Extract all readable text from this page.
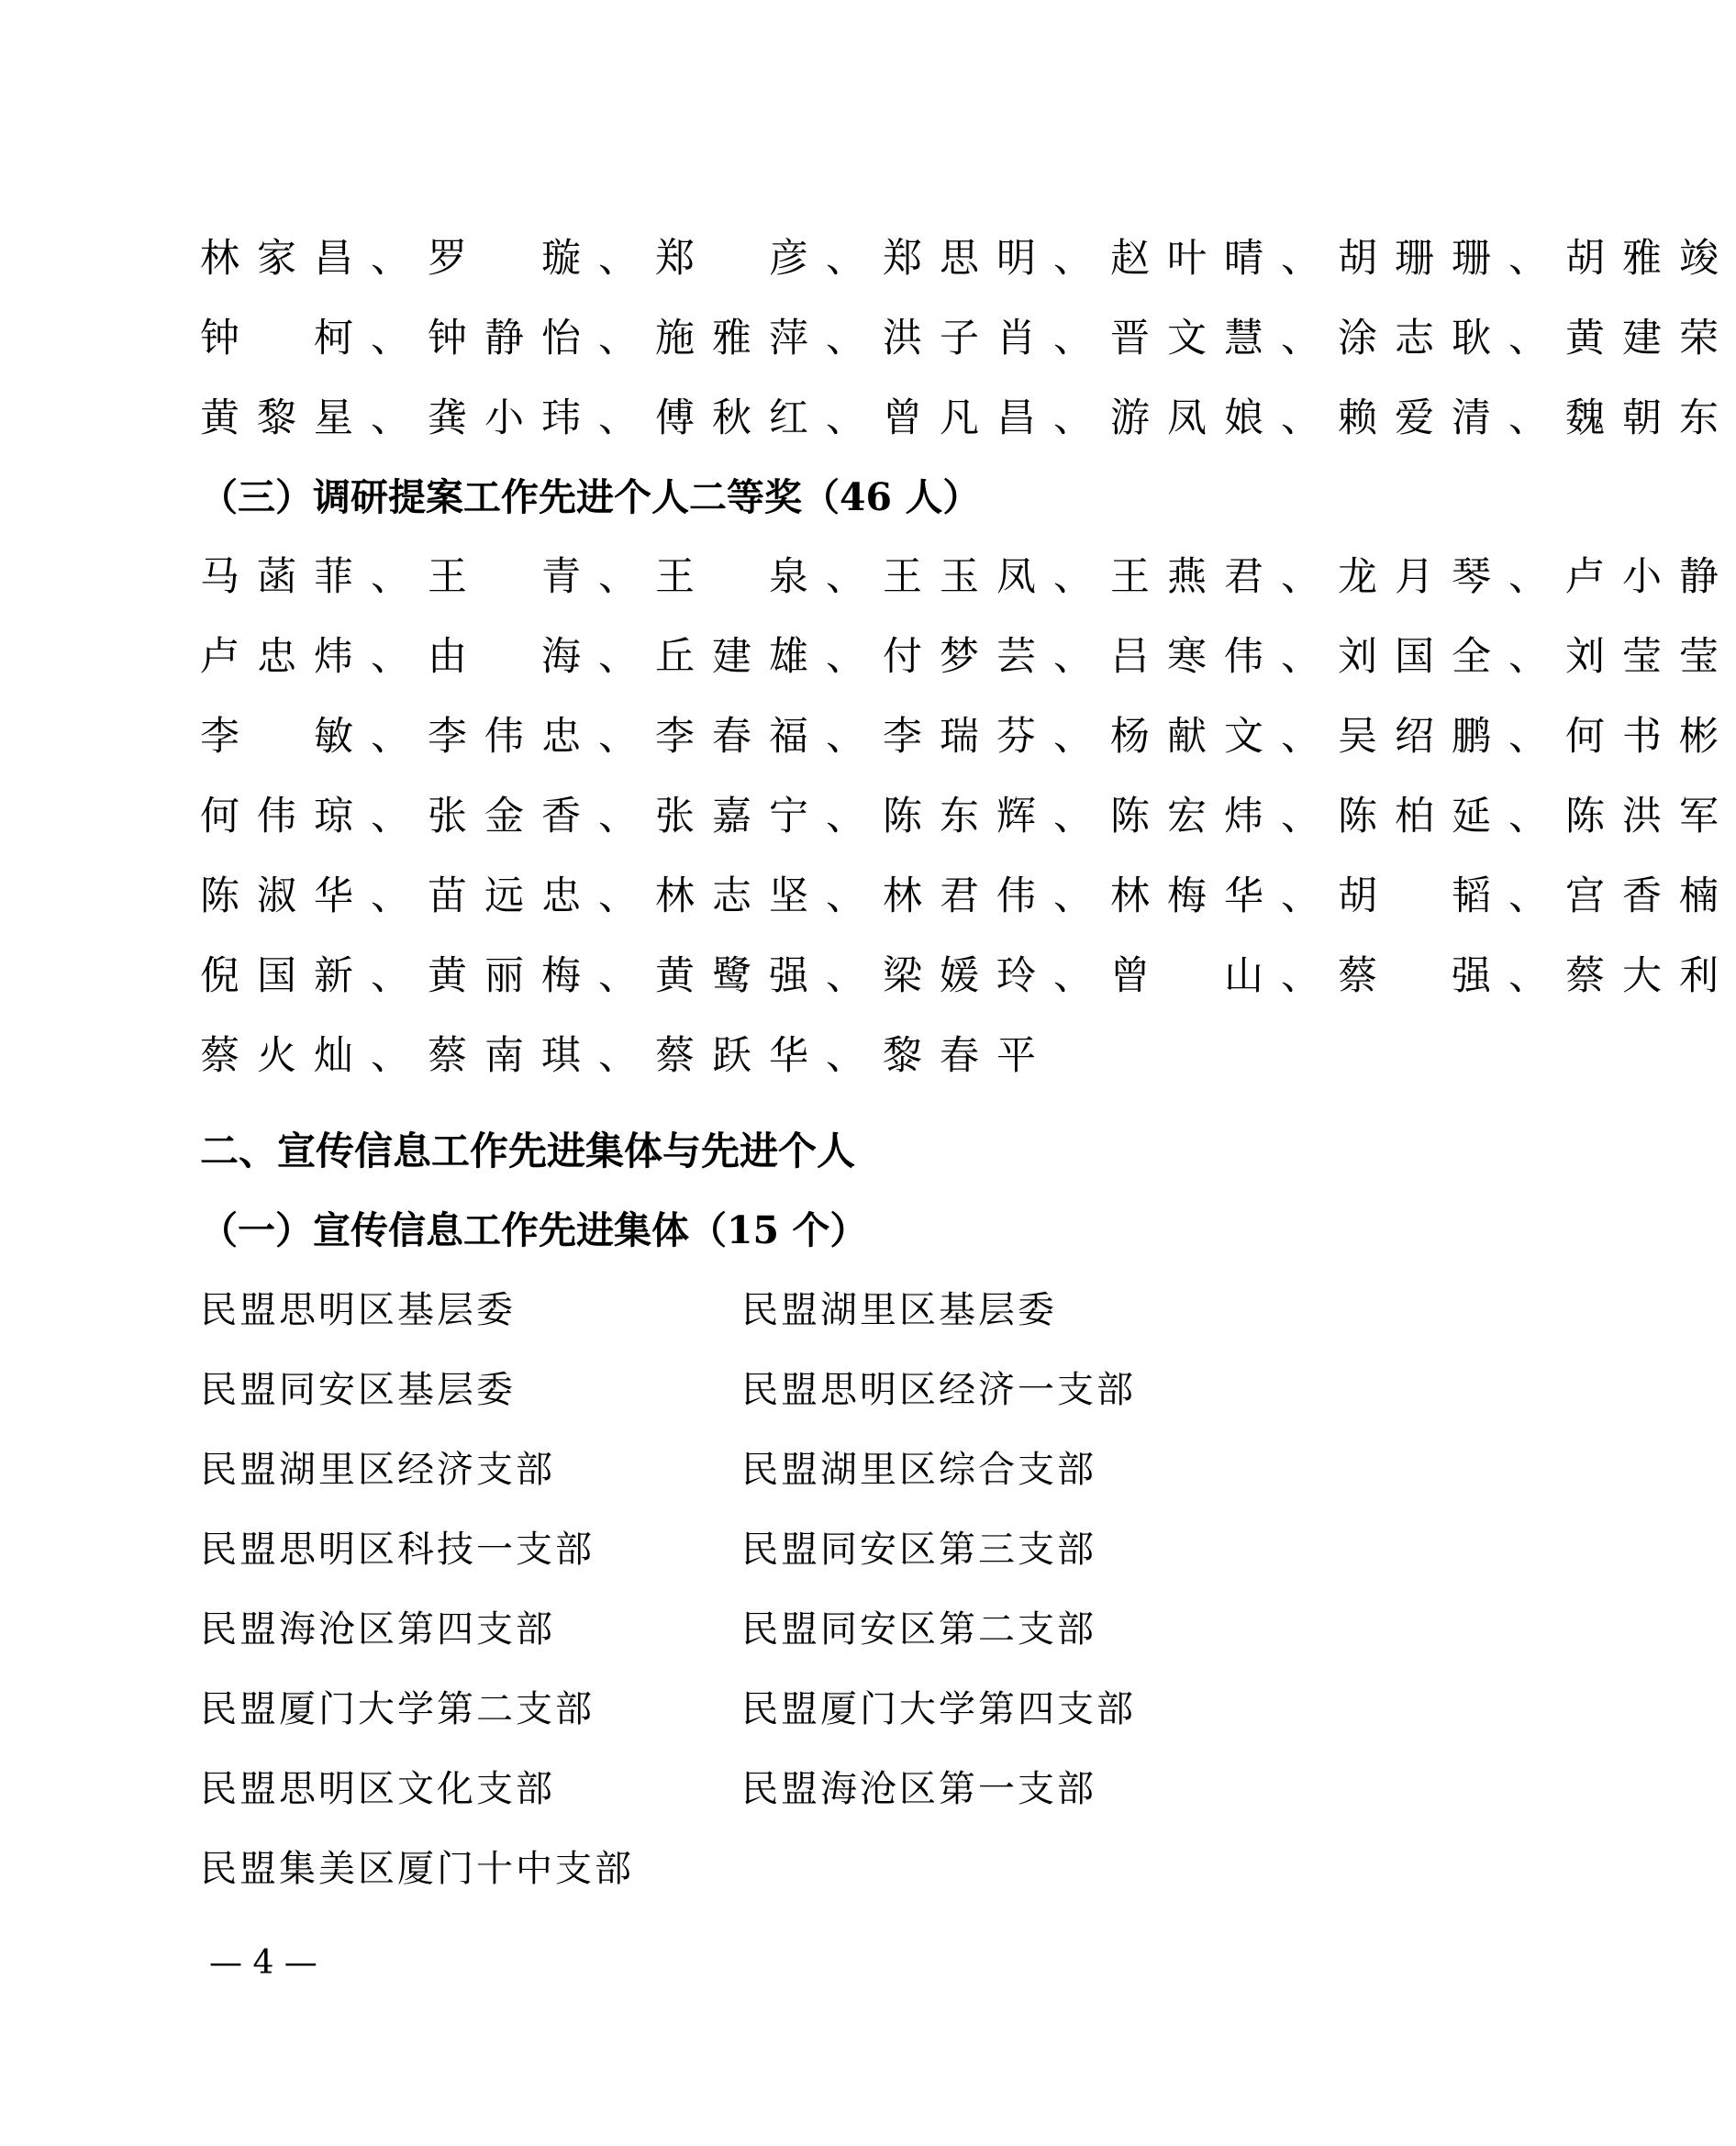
林家昌、罗　璇、郑　彦、郑思明、赵叶晴、胡珊珊、胡雅竣
钟　柯、钟静怡、施雅萍、洪子肖、晋文慧、涂志耿、黄建荣
黄黎星、龚小玮、傅秋红、曾凡昌、游凤娘、赖爱清、魏朝东
（三）调研提案工作先进个人二等奖（46 人）
马菡菲、王　青、王　泉、王玉凤、王燕君、龙月琴、卢小静
卢忠炜、由　海、丘建雄、付梦芸、吕寒伟、刘国全、刘莹莹
李　敏、李伟忠、李春福、李瑞芬、杨献文、吴绍鹏、何书彬
何伟琼、张金香、张嘉宁、陈东辉、陈宏炜、陈柏延、陈洪军
陈淑华、苗远忠、林志坚、林君伟、林梅华、胡　韬、宫香楠
倪国新、黄丽梅、黄鹭强、梁媛玲、曾　山、蔡　强、蔡大利
蔡火灿、蔡南琪、蔡跃华、黎春平
二、宣传信息工作先进集体与先进个人
（一）宣传信息工作先进集体（15 个）
民盟思明区基层委	民盟湖里区基层委
民盟同安区基层委	民盟思明区经济一支部
民盟湖里区经济支部	民盟湖里区综合支部
民盟思明区科技一支部	民盟同安区第三支部
民盟海沧区第四支部	民盟同安区第二支部
民盟厦门大学第二支部	民盟厦门大学第四支部
民盟思明区文化支部	民盟海沧区第一支部
民盟集美区厦门十中支部
— 4 —
